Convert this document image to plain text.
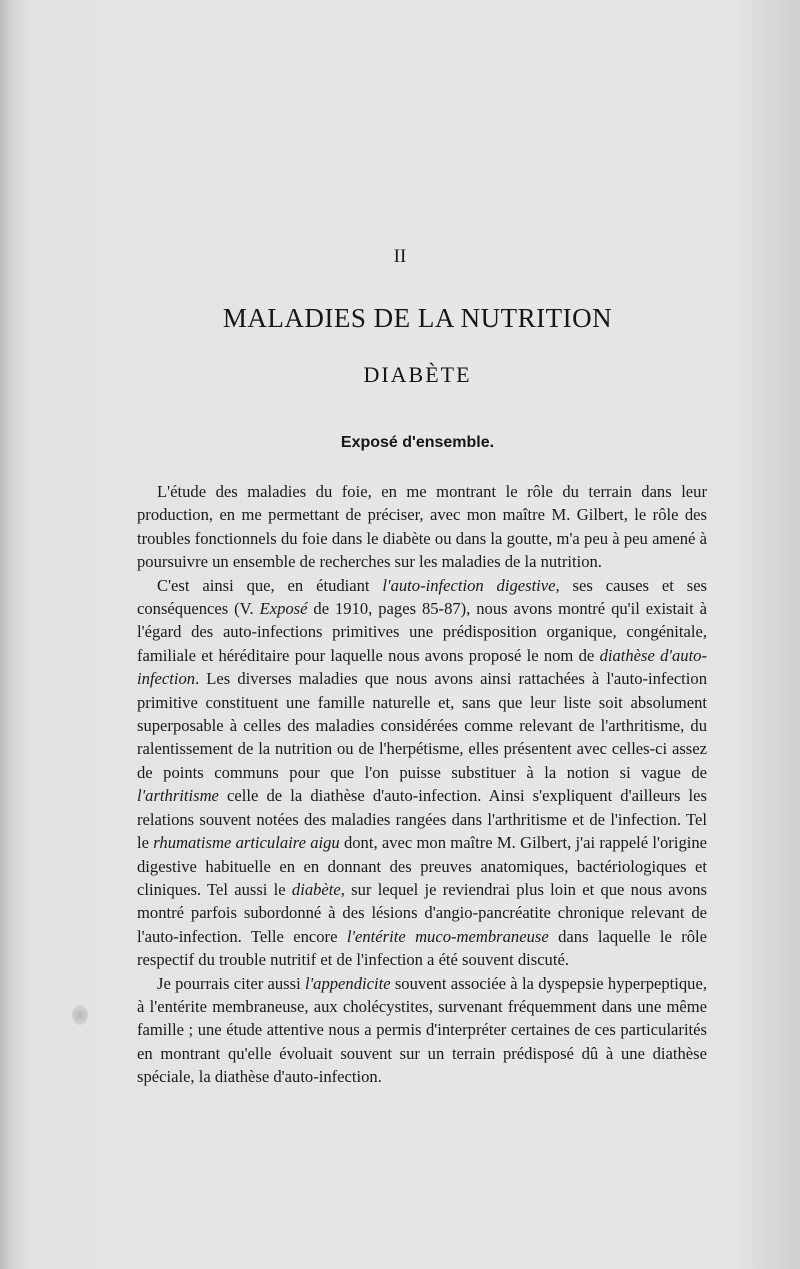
II
MALADIES DE LA NUTRITION
DIABÈTE
Exposé d'ensemble.

L'étude des maladies du foie, en me montrant le rôle du terrain dans leur production, en me permettant de préciser, avec mon maître M. Gilbert, le rôle des troubles fonctionnels du foie dans le diabète ou dans la goutte, m'a peu à peu amené à poursuivre un ensemble de recherches sur les maladies de la nutrition.

C'est ainsi que, en étudiant l'auto-infection digestive, ses causes et ses conséquences (V. Exposé de 1910, pages 85-87), nous avons montré qu'il existait à l'égard des auto-infections primitives une prédisposition organique, congénitale, familiale et héréditaire pour laquelle nous avons proposé le nom de diathèse d'auto-infection. Les diverses maladies que nous avons ainsi rattachées à l'auto-infection primitive constituent une famille naturelle et, sans que leur liste soit absolument superposable à celles des maladies considérées comme relevant de l'arthritisme, du ralentissement de la nutrition ou de l'herpétisme, elles présentent avec celles-ci assez de points communs pour que l'on puisse substituer à la notion si vague de l'arthritisme celle de la diathèse d'auto-infection. Ainsi s'expliquent d'ailleurs les relations souvent notées des maladies rangées dans l'arthritisme et de l'infection. Tel le rhumatisme articulaire aigu dont, avec mon maître M. Gilbert, j'ai rappelé l'origine digestive habituelle en en donnant des preuves anatomiques, bactériologiques et cliniques. Tel aussi le diabète, sur lequel je reviendrai plus loin et que nous avons montré parfois subordonné à des lésions d'angio-pancréatite chronique relevant de l'auto-infection. Telle encore l'entérite muco-membraneuse dans laquelle le rôle respectif du trouble nutritif et de l'infection a été souvent discuté.

Je pourrais citer aussi l'appendicite souvent associée à la dyspepsie hyperpeptique, à l'entérite membraneuse, aux cholécystites, survenant fréquemment dans une même famille ; une étude attentive nous a permis d'interpréter certaines de ces particularités en montrant qu'elle évoluait souvent sur un terrain prédisposé dû à une diathèse spéciale, la diathèse d'auto-infection.
